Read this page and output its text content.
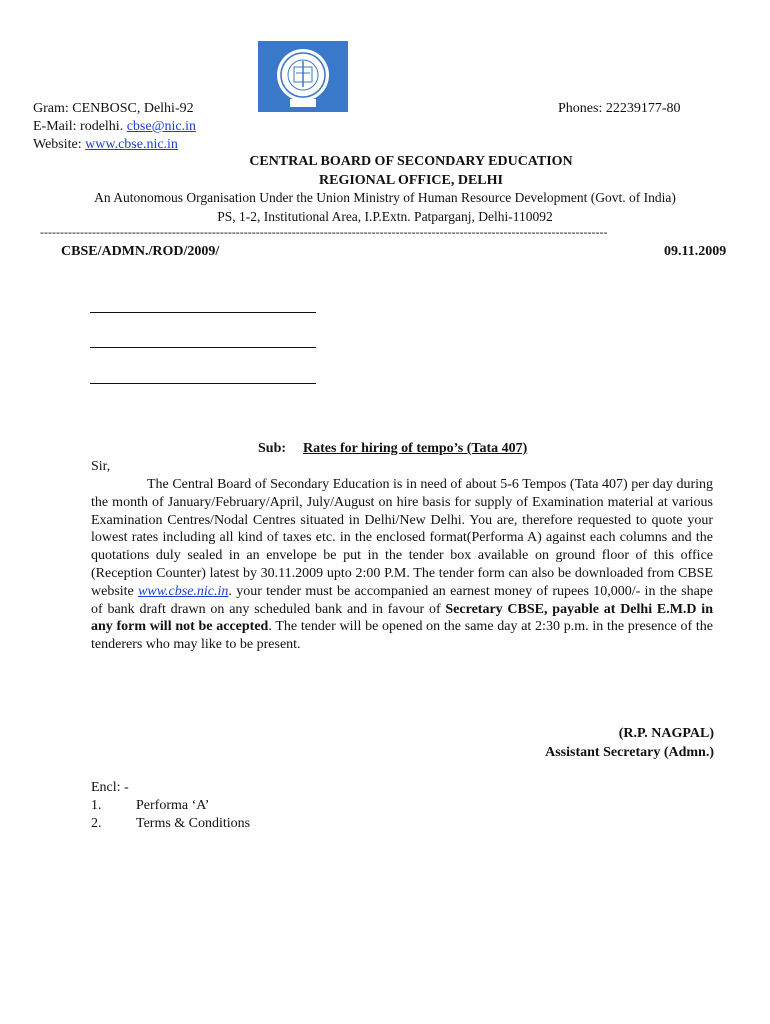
Gram: CENBOSC, Delhi-92
E-Mail: rodelhi. cbse@nic.in
Website: www.cbse.nic.in
Phones: 22239177-80
CENTRAL BOARD OF SECONDARY EDUCATION
REGIONAL OFFICE, DELHI
An Autonomous Organisation Under the Union Ministry of Human Resource Development (Govt. of India)
PS, 1-2, Institutional Area, I.P.Extn. Patparganj, Delhi-110092
----------------------------------------------------------------------------------------------------------------------------------------------
CBSE/ADMN./ROD/2009/	09.11.2009
Sub: Rates for hiring of tempo’s (Tata 407)
Sir,
The Central Board of Secondary Education is in need of about 5-6 Tempos (Tata 407) per day during the month of January/February/April, July/August on hire basis for supply of Examination material at various Examination Centres/Nodal Centres situated in Delhi/New Delhi. You are, therefore requested to quote your lowest rates including all kind of taxes etc. in the enclosed format(Performa A) against each columns and the quotations duly sealed in an envelope be put in the tender box available on ground floor of this office (Reception Counter) latest by 30.11.2009 upto 2:00 P.M. The tender form can also be downloaded from CBSE website www.cbse.nic.in. your tender must be accompanied an earnest money of rupees 10,000/- in the shape of bank draft drawn on any scheduled bank and in favour of Secretary CBSE, payable at Delhi E.M.D in any form will not be accepted. The tender will be opened on the same day at 2:30 p.m. in the presence of the tenderers who may like to be present.
(R.P. NAGPAL)
Assistant Secretary (Admn.)
Encl: -
1. Performa ‘A’
2. Terms & Conditions
